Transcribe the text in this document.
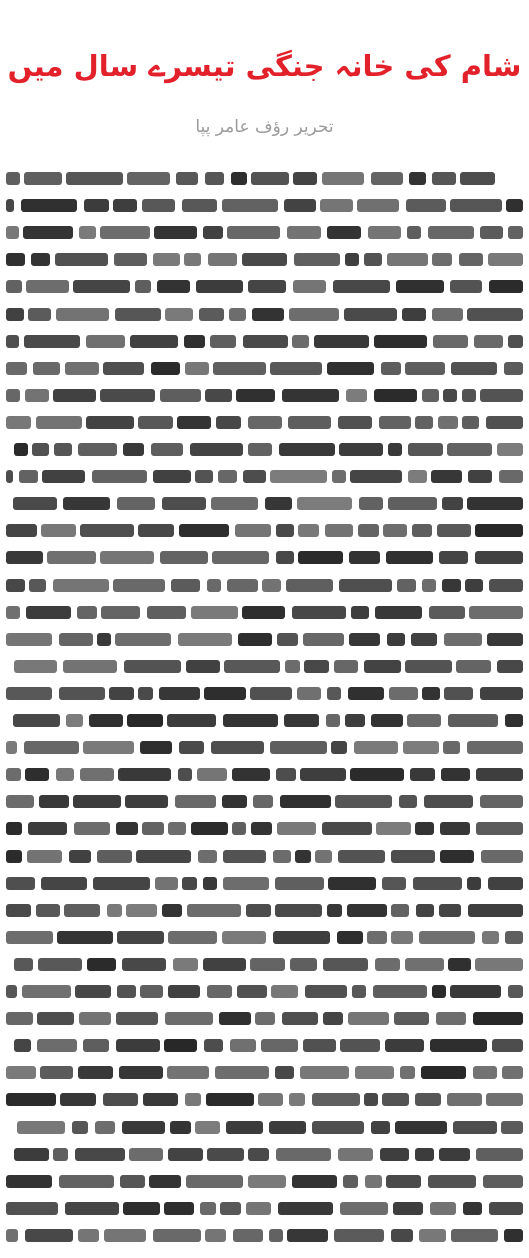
شام کی خانہ جنگی تیسرے سال میں
تحریر رؤف عامر پپا
